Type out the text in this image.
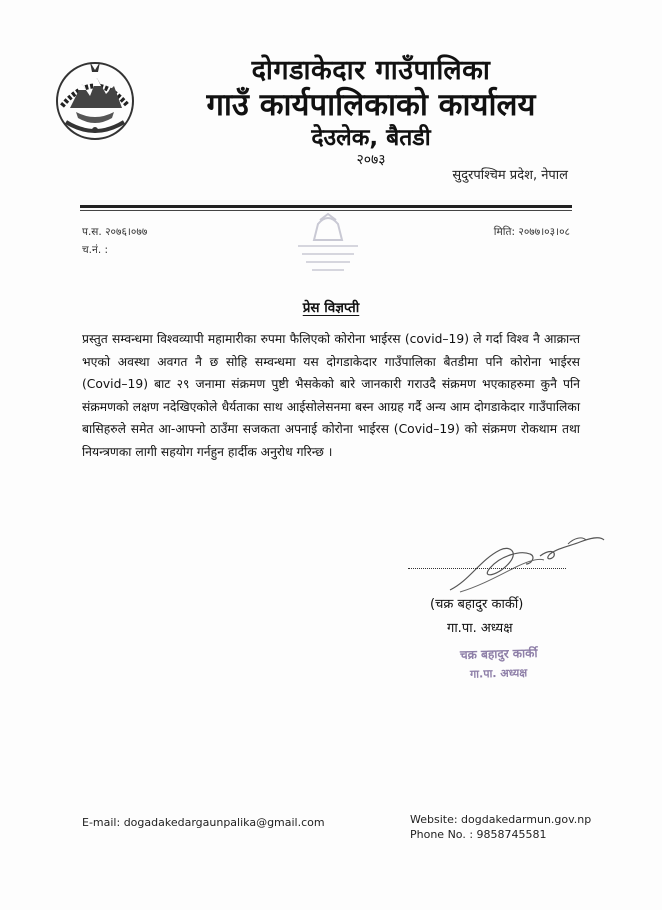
दोगडाकेदार गाउँपालिका
गाउँ कार्यपालिकाको कार्यालय
देउलेक, बैतडी
२०७३
सुदुरपश्चिम प्रदेश, नेपाल
प.स. २०७६।०७७
च.नं. :
मिति: २०७७।०३।०८
प्रेस विज्ञप्ती

प्रस्तुत सम्वन्धमा विश्वव्यापी महामारीका रुपमा फैलिएको कोरोना भाईरस (covid–19) ले गर्दा विश्व नै आक्रान्त भएको अवस्था अवगत नै छ सोहि सम्वन्धमा यस दोगडाकेदार गाउँपालिका बैतडीमा पनि कोरोना भाईरस (Covid–19) बाट २९ जनामा संक्रमण पुष्टी भैसकेको बारे जानकारी गराउदै संक्रमण भएकाहरुमा कुनै पनि संक्रमणको लक्षण नदेखिएकोले धैर्यताका साथ आईसोलेसनमा बस्न आग्रह गर्दै अन्य आम दोगडाकेदार गाउँपालिका बासिहरुले समेत आ-आफ्नो ठाउँमा सजकता अपनाई कोरोना भाईरस (Covid–19) को संक्रमण रोकथाम तथा नियन्त्रणका लागी सहयोग गर्नहुन हार्दीक अनुरोध गरिन्छ ।

(चक्र बहादुर कार्की)
गा.पा. अध्यक्ष
चक्र बहादुर कार्की
गा.पा. अध्यक्ष
E-mail: dogadakedargaunpalika@gmail.com	Website: dogdakedarmun.gov.np
Phone No. : 9858745581
